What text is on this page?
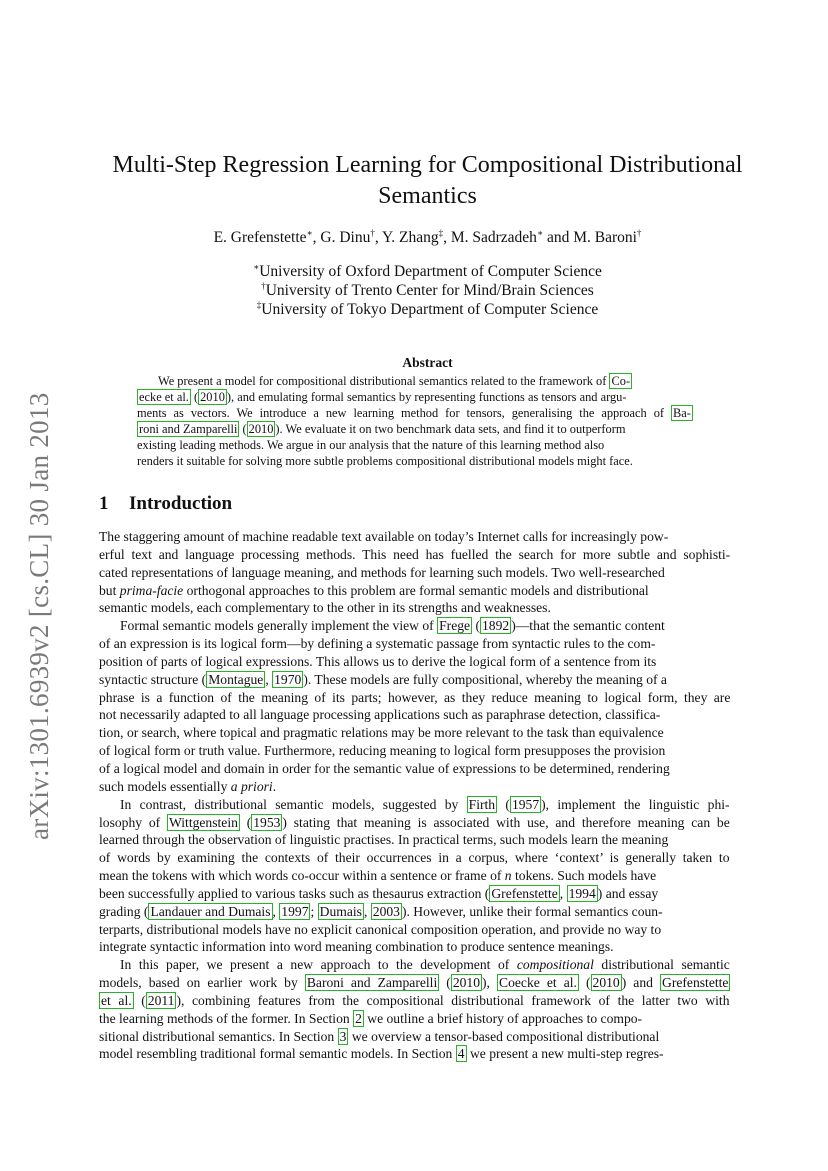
arXiv:1301.6939v2 [cs.CL] 30 Jan 2013
Multi-Step Regression Learning for Compositional Distributional
Semantics
E. Grefenstette∗, G. Dinu†, Y. Zhang‡, M. Sadrzadeh∗ and M. Baroni†
∗University of Oxford Department of Computer Science
†University of Trento Center for Mind/Brain Sciences
‡University of Tokyo Department of Computer Science
Abstract
We present a model for compositional distributional semantics related to the framework of Co-
ecke et al. ( 2010 ), and emulating formal semantics by representing functions as tensors and argu-
ments as vectors. We introduce a new learning method for tensors, generalising the approach of Ba-
roni and Zamparelli ( 2010 ). We evaluate it on two benchmark data sets, and find it to outperform
existing leading methods. We argue in our analysis that the nature of this learning method also
renders it suitable for solving more subtle problems compositional distributional models might face.
1 Introduction
The staggering amount of machine readable text available on today’s Internet calls for increasingly pow-
erful text and language processing methods. This need has fuelled the search for more subtle and sophisti-
cated representations of language meaning, and methods for learning such models. Two well-researched
but prima-facie orthogonal approaches to this problem are formal semantic models and distributional
semantic models, each complementary to the other in its strengths and weaknesses.
Formal semantic models generally implement the view of Frege ( 1892 )—that the semantic content
of an expression is its logical form—by defining a systematic passage from syntactic rules to the com-
position of parts of logical expressions. This allows us to derive the logical form of a sentence from its
syntactic structure ( Montague , 1970 ). These models are fully compositional, whereby the meaning of a
phrase is a function of the meaning of its parts; however, as they reduce meaning to logical form, they are
not necessarily adapted to all language processing applications such as paraphrase detection, classifica-
tion, or search, where topical and pragmatic relations may be more relevant to the task than equivalence
of logical form or truth value. Furthermore, reducing meaning to logical form presupposes the provision
of a logical model and domain in order for the semantic value of expressions to be determined, rendering
such models essentially a priori.
In contrast, distributional semantic models, suggested by Firth ( 1957 ), implement the linguistic phi-
losophy of Wittgenstein ( 1953 ) stating that meaning is associated with use, and therefore meaning can be
learned through the observation of linguistic practises. In practical terms, such models learn the meaning
of words by examining the contexts of their occurrences in a corpus, where ‘context’ is generally taken to
mean the tokens with which words co-occur within a sentence or frame of n tokens. Such models have
been successfully applied to various tasks such as thesaurus extraction ( Grefenstette , 1994 ) and essay
grading ( Landauer and Dumais , 1997 ; Dumais , 2003 ). However, unlike their formal semantics coun-
terparts, distributional models have no explicit canonical composition operation, and provide no way to
integrate syntactic information into word meaning combination to produce sentence meanings.
In this paper, we present a new approach to the development of compositional distributional semantic
models, based on earlier work by Baroni and Zamparelli ( 2010 ), Coecke et al. ( 2010 ) and Grefenstette
et al. ( 2011 ), combining features from the compositional distributional framework of the latter two with
the learning methods of the former. In Section 2 we outline a brief history of approaches to compo-
sitional distributional semantics. In Section 3 we overview a tensor-based compositional distributional
model resembling traditional formal semantic models. In Section 4 we present a new multi-step regres-
